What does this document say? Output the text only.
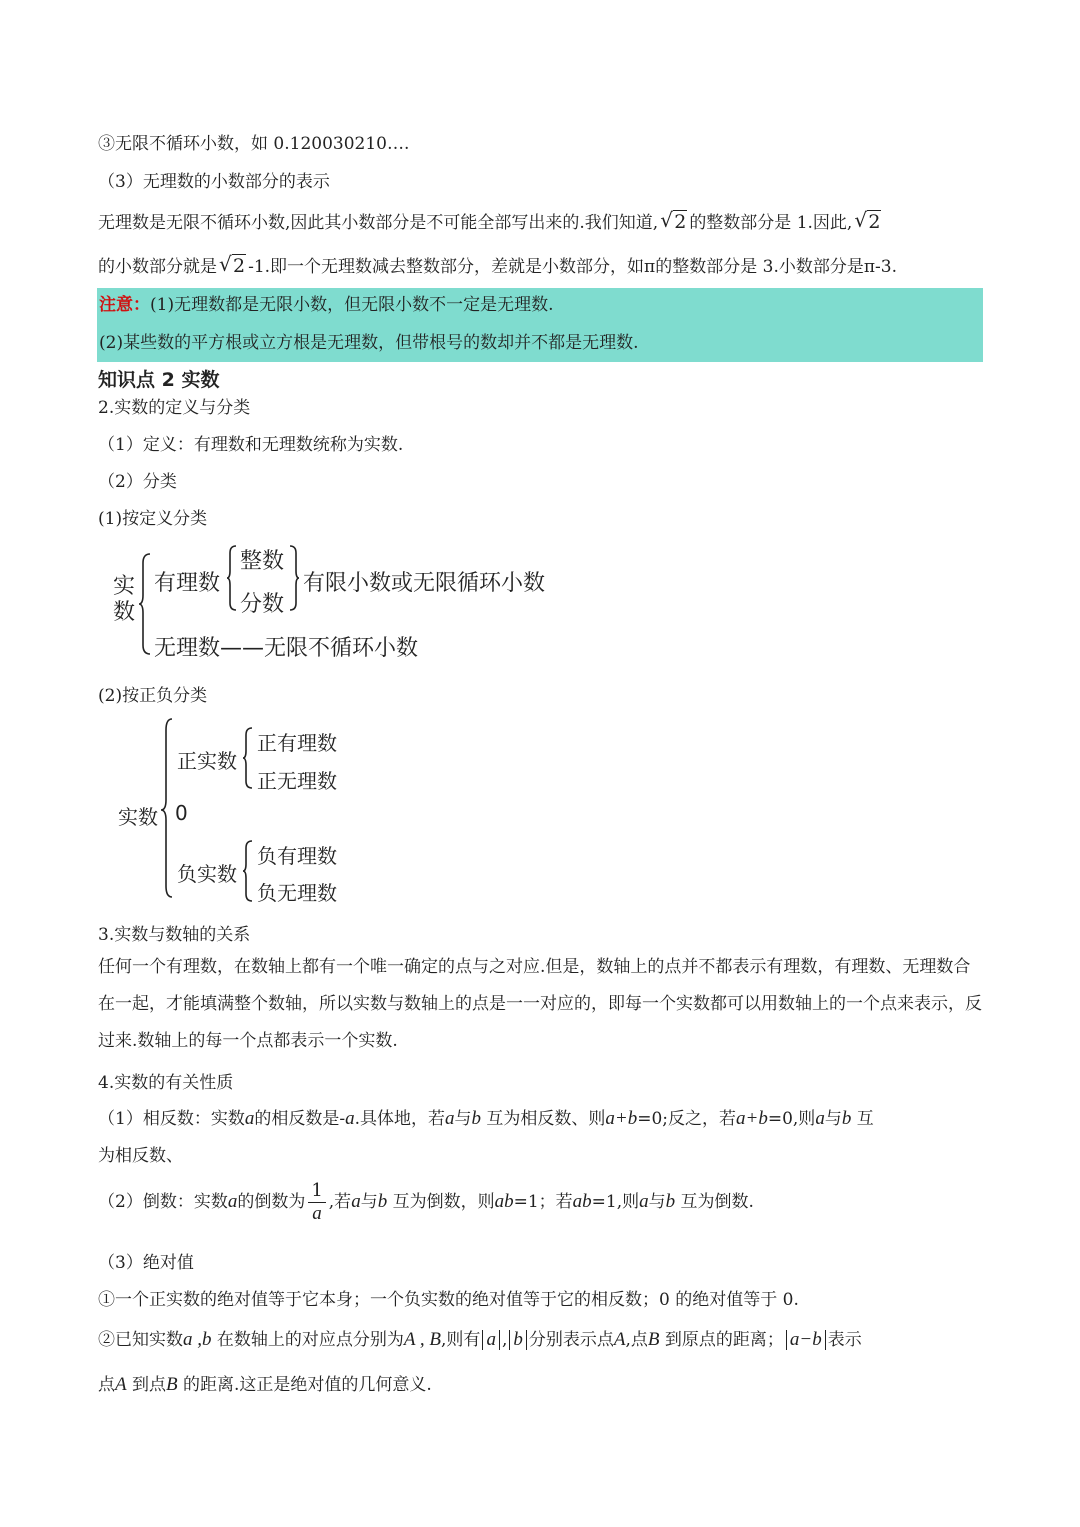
③无限不循环小数，如 0.120030210….
（3）无理数的小数部分的表示
无理数是无限不循环小数,因此其小数部分是不可能全部写出来的.我们知道, √ 2 的整数部分是 1.因此, √ 2
的小数部分就是 √ 2 -1.即一个无理数减去整数部分，差就是小数部分，如π的整数部分是 3.小数部分是π-3.
注意：(1)无理数都是无限小数，但无限小数不一定是无理数.
(2)某些数的平方根或立方根是无理数，但带根号的数却并不都是无理数.
知识点 2 实数
2.实数的定义与分类
（1）定义：有理数和无理数统称为实数.
（2）分类
(1)按定义分类
实数
有理数
整数
分数
有限小数或无限循环小数
无理数——无限不循环小数
(2)按正负分类
实数 0
正实数
正有理数
正无理数
负实数
负有理数
负无理数
3.实数与数轴的关系
任何一个有理数，在数轴上都有一个唯一确定的点与之对应.但是，数轴上的点并不都表示有理数，有理数、无理数合在一起，才能填满整个数轴，所以实数与数轴上的点是一一对应的，即每一个实数都可以用数轴上的一个点来表示，反过来.数轴上的每一个点都表示一个实数.
4.实数的有关性质
（1）相反数：实数a的相反数是-a.具体地，若a与b 互为相反数、则a+b=0;反之，若a+b=0,则a与b 互
为相反数、
（2）倒数：实数a的倒数为 $\frac{1}{a}$ ,若a与b 互为倒数，则ab=1；若ab=1,则a与b 互为倒数.
（3）绝对值
①一个正实数的绝对值等于它本身；一个负实数的绝对值等于它的相反数；0 的绝对值等于 0.
②已知实数a ,b 在数轴上的对应点分别为A , B,则有 a , b 分别表示点A,点B 到原点的距离； a−b 表示
点A 到点B 的距离.这正是绝对值的几何意义.
